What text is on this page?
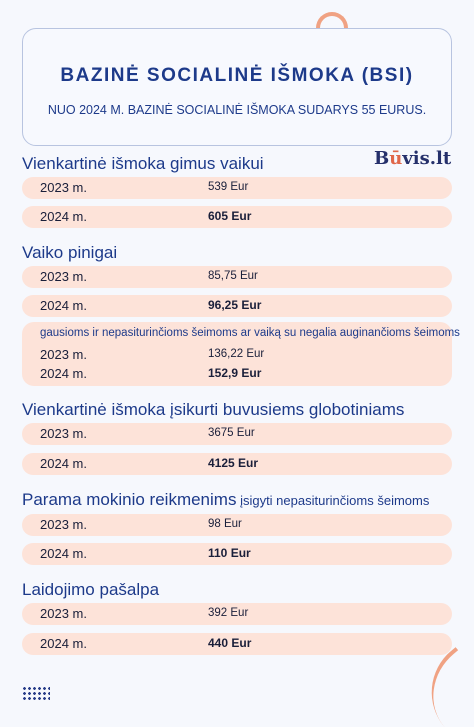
BAZINĖ SOCIALINĖ IŠMOKA (BSI)
NUO 2024 M. BAZINĖ SOCIALINĖ IŠMOKA SUDARYS 55 EURUS.
Būvis.lt
Vienkartinė išmoka gimus vaikui
2023 m.	539 Eur
2024 m.	605 Eur
Vaiko pinigai
2023 m.	85,75 Eur
2024 m.	96,25 Eur
gausioms ir nepasiturinčioms šeimoms ar vaiką su negalia auginančioms šeimoms
2023 m.	136,22 Eur
2024 m.	152,9 Eur
Vienkartinė išmoka įsikurti buvusiems globotiniams
2023 m.	3675 Eur
2024 m.	4125 Eur
Parama mokinio reikmenims įsigyti nepasiturinčioms šeimoms
2023 m.	98 Eur
2024 m.	110 Eur
Laidojimo pašalpa
2023 m.	392 Eur
2024 m.	440 Eur
